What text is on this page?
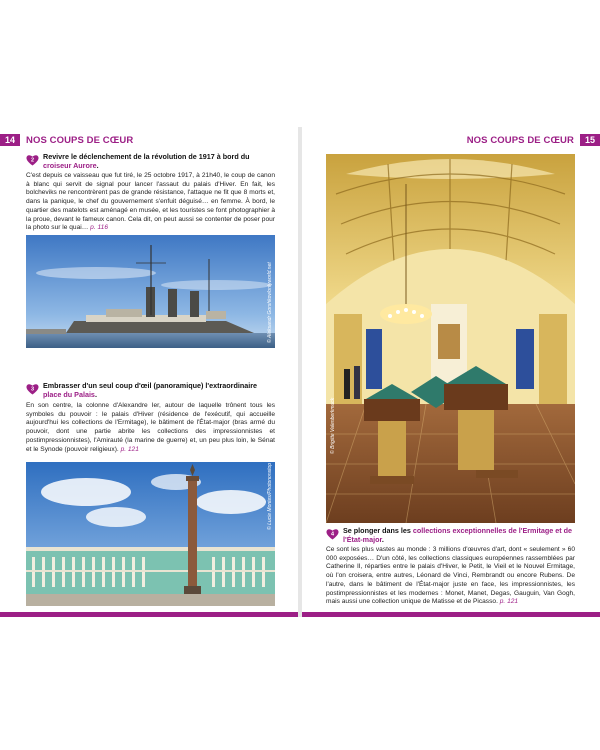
14	NOS COUPS DE CŒUR
2 Revivre le déclenchement de la révolution de 1917 à bord du croiseur Aurore.
C'est depuis ce vaisseau que fut tiré, le 25 octobre 1917, à 21h40, le coup de canon à blanc qui servit de signal pour lancer l'assaut du palais d'Hiver. En fait, les bolcheviks ne rencontrèrent pas de grande résistance, l'attaque ne fit que 8 morts et, dans la panique, le chef du gouvernement s'enfuit déguisé… en femme. À bord, le quartier des matelots est aménagé en musée, et les touristes se font photographier à la proue, devant le fameux canon. Cela dit, on peut aussi se contenter de poser pour la photo sur le quai… p. 116
© Aleksandr Gorshkov/onlyworld.net
3 Embrasser d'un seul coup d'œil (panoramique) l'extraordinaire place du Palais.
En son centre, la colonne d'Alexandre Ier, autour de laquelle trônent tous les symboles du pouvoir : le palais d'Hiver (résidence de l'exécutif, qui accueille aujourd'hui les collections de l'Ermitage), le bâtiment de l'État-major (bras armé du pouvoir, dont une partie abrite les collections des impressionnistes et postimpressionnistes), l'Amirauté (la marine de guerre) et, un peu plus loin, le Sénat et le Synode (pouvoir religieux). p. 121
© Lucie Montes/Photononstop
NOS COUPS DE CŒUR	15
© Brigitte Valenberkmuck
4 Se plonger dans les collections exceptionnelles de l'Ermitage et de l'État-major.
Ce sont les plus vastes au monde : 3 millions d'œuvres d'art, dont « seulement » 60 000 exposées… D'un côté, les collections classiques européennes rassemblées par Catherine II, réparties entre le palais d'Hiver, le Petit, le Vieil et le Nouvel Ermitage, où l'on croisera, entre autres, Léonard de Vinci, Rembrandt ou encore Rubens. De l'autre, dans le bâtiment de l'État-major juste en face, les impressionnistes, les postimpressionnistes et les modernes : Monet, Manet, Degas, Gauguin, Van Gogh, mais aussi une collection unique de Matisse et de Picasso. p. 121
